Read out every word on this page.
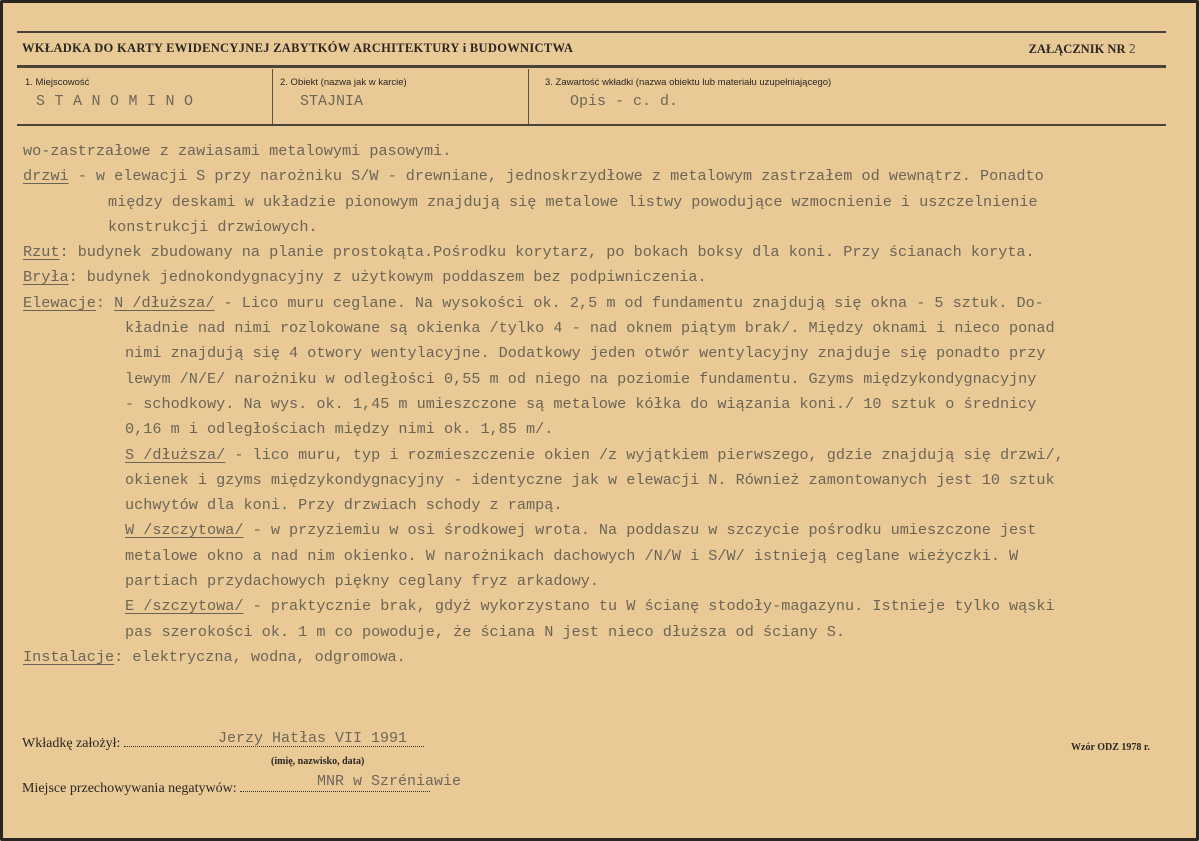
WKŁADKA DO KARTY EWIDENCYJNEJ ZABYTKÓW ARCHITEKTURY i BUDOWNICTWA	ZAŁĄCZNIK NR 2
1. Miejscowość
STANOMINO
2. Obiekt (nazwa jak w karcie)
STAJNIA
3. Zawartość wkładki (nazwa obiektu lub materiału uzupełniającego)
Opis - c. d.
wo-zastrzałowe z zawiasami metalowymi pasowymi.
drzwi - w elewacji S przy narożniku S/W - drewniane, jednoskrzydłowe z metalowym zastrzałem od wewnątrz. Ponadto
między deskami w układzie pionowym znajdują się metalowe listwy powodujące wzmocnienie i uszczelnienie
konstrukcji drzwiowych.
Rzut: budynek zbudowany na planie prostokąta.Pośrodku korytarz, po bokach boksy dla koni. Przy ścianach koryta.
Bryła: budynek jednokondygnacyjny z użytkowym poddaszem bez podpiwniczenia.
Elewacje: N /dłuższa/ - Lico muru ceglane. Na wysokości ok. 2,5 m od fundamentu znajdują się okna - 5 sztuk. Do-
kładnie nad nimi rozlokowane są okienka /tylko 4 - nad oknem piątym brak/. Między oknami i nieco ponad
nimi znajdują się 4 otwory wentylacyjne. Dodatkowy jeden otwór wentylacyjny znajduje się ponadto przy
lewym /N/E/ narożniku w odległości 0,55 m od niego na poziomie fundamentu. Gzyms międzykondygnacyjny
- schodkowy. Na wys. ok. 1,45 m umieszczone są metalowe kółka do wiązania koni./ 10 sztuk o średnicy
0,16 m i odległościach między nimi ok. 1,85 m/.
S /dłuższa/ - lico muru, typ i rozmieszczenie okien /z wyjątkiem pierwszego, gdzie znajdują się drzwi/,
okienek i gzyms międzykondygnacyjny - identyczne jak w elewacji N. Również zamontowanych jest 10 sztuk
uchwytów dla koni. Przy drzwiach schody z rampą.
W /szczytowa/ - w przyziemiu w osi środkowej wrota. Na poddaszu w szczycie pośrodku umieszczone jest
metalowe okno a nad nim okienko. W narożnikach dachowych /N/W i S/W/ istnieją ceglane wieżyczki. W
partiach przydachowych piękny ceglany fryz arkadowy.
E /szczytowa/ - praktycznie brak, gdyż wykorzystano tu W ścianę stodoły-magazynu. Istnieje tylko wąski
pas szerokości ok. 1 m co powoduje, że ściana N jest nieco dłuższa od ściany S.
Instalacje: elektryczna, wodna, odgromowa.
Wkładkę założył:	Jerzy Hatłas VII 1991
(imię, nazwisko, data)
Miejsce przechowywania negatywów:	MNR w Szréniawie
Wzór ODZ 1978 r.
